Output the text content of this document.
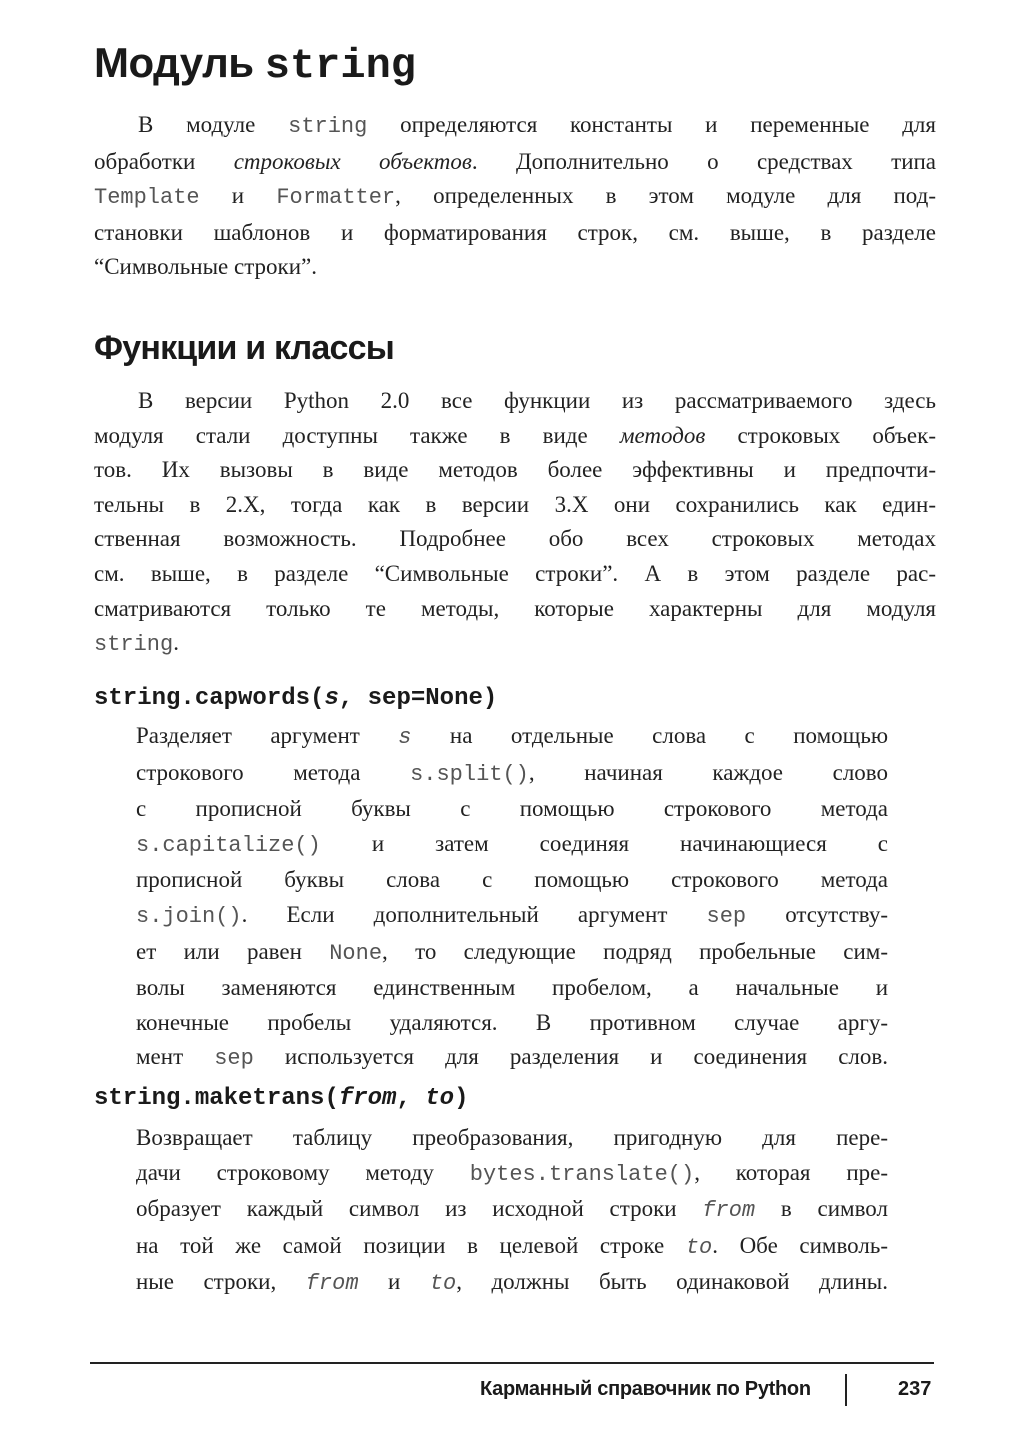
Модуль string
В модуле string определяются константы и переменные для
обработки строковых объектов. Дополнительно о средствах типа
Template и Formatter, определенных в этом модуле для под-
становки шаблонов и форматирования строк, см. выше, в разделе
“Символьные строки”.
Функции и классы
В версии Python 2.0 все функции из рассматриваемого здесь
модуля стали доступны также в виде методов строковых объек-
тов. Их вызовы в виде методов более эффективны и предпочти-
тельны в 2.X, тогда как в версии 3.X они сохранились как един-
ственная возможность. Подробнее обо всех строковых методах
см. выше, в разделе “Символьные строки”. А в этом разделе рас-
сматриваются только те методы, которые характерны для модуля
string.
string.capwords(s, sep=None)
Разделяет аргумент s на отдельные слова с помощью
строкового метода s.split(), начиная каждое слово
с прописной буквы с помощью строкового метода
s.capitalize() и затем соединяя начинающиеся с
прописной буквы слова с помощью строкового метода
s.join(). Если дополнительный аргумент sep отсутству-
ет или равен None, то следующие подряд пробельные сим-
волы заменяются единственным пробелом, а начальные и
конечные пробелы удаляются. В противном случае аргу-
мент sep используется для разделения и соединения слов.
string.maketrans(from, to)
Возвращает таблицу преобразования, пригодную для пере-
дачи строковому методу bytes.translate(), которая пре-
образует каждый символ из исходной строки from в символ
на той же самой позиции в целевой строке to. Обе символь-
ные строки, from и to, должны быть одинаковой длины.
Карманный справочник по Python	237
